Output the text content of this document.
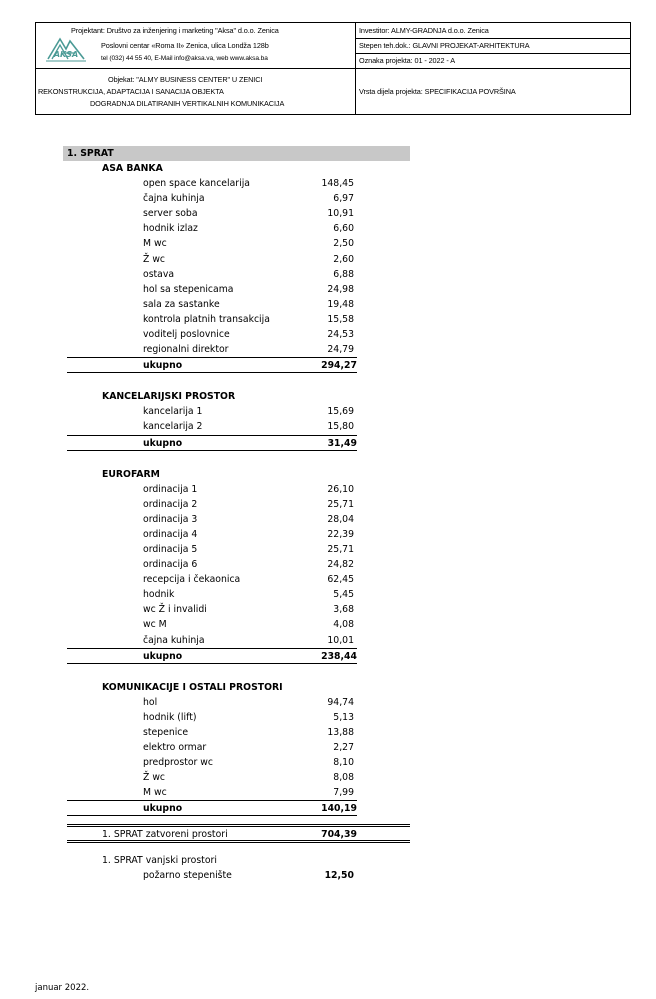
AKSA
Projektant: Društvo za inženjering i marketing "Aksa" d.o.o. Zenica
Poslovni centar «Roma II» Zenica, ulica Londža 128b
tel (032) 44 55 40, E-Mail info@aksa.va, web www.aksa.ba
Investitor: ALMY-GRADNJA d.o.o. Zenica
Stepen teh.dok.: GLAVNI PROJEKAT-ARHITEKTURA
Oznaka projekta: 01 - 2022 - A
Objekat: "ALMY BUSINESS CENTER" U ZENICI
REKONSTRUKCIJA, ADAPTACIJA I SANACIJA OBJEKTA
DOGRADNJA DILATIRANIH VERTIKALNIH KOMUNIKACIJA
Vrsta dijela projekta: SPECIFIKACIJA POVRŠINA
1. SPRAT
ASA BANKA
open space kancelarija	148,45
čajna kuhinja	6,97
server soba	10,91
hodnik izlaz	6,60
M wc	2,50
Ž wc	2,60
ostava	6,88
hol sa stepenicama	24,98
sala za sastanke	19,48
kontrola platnih transakcija	15,58
voditelj poslovnice	24,53
regionalni direktor	24,79
ukupno	294,27
KANCELARIJSKI PROSTOR
kancelarija 1	15,69
kancelarija 2	15,80
ukupno	31,49
EUROFARM
ordinacija 1	26,10
ordinacija 2	25,71
ordinacija 3	28,04
ordinacija 4	22,39
ordinacija 5	25,71
ordinacija 6	24,82
recepcija i čekaonica	62,45
hodnik	5,45
wc Ž i invalidi	3,68
wc M	4,08
čajna kuhinja	10,01
ukupno	238,44
KOMUNIKACIJE I OSTALI PROSTORI
hol	94,74
hodnik (lift)	5,13
stepenice	13,88
elektro ormar	2,27
predprostor wc	8,10
Ž wc	8,08
M wc	7,99
ukupno	140,19
1. SPRAT zatvoreni prostori	704,39
1. SPRAT vanjski prostori
požarno stepenište	12,50
januar 2022.
